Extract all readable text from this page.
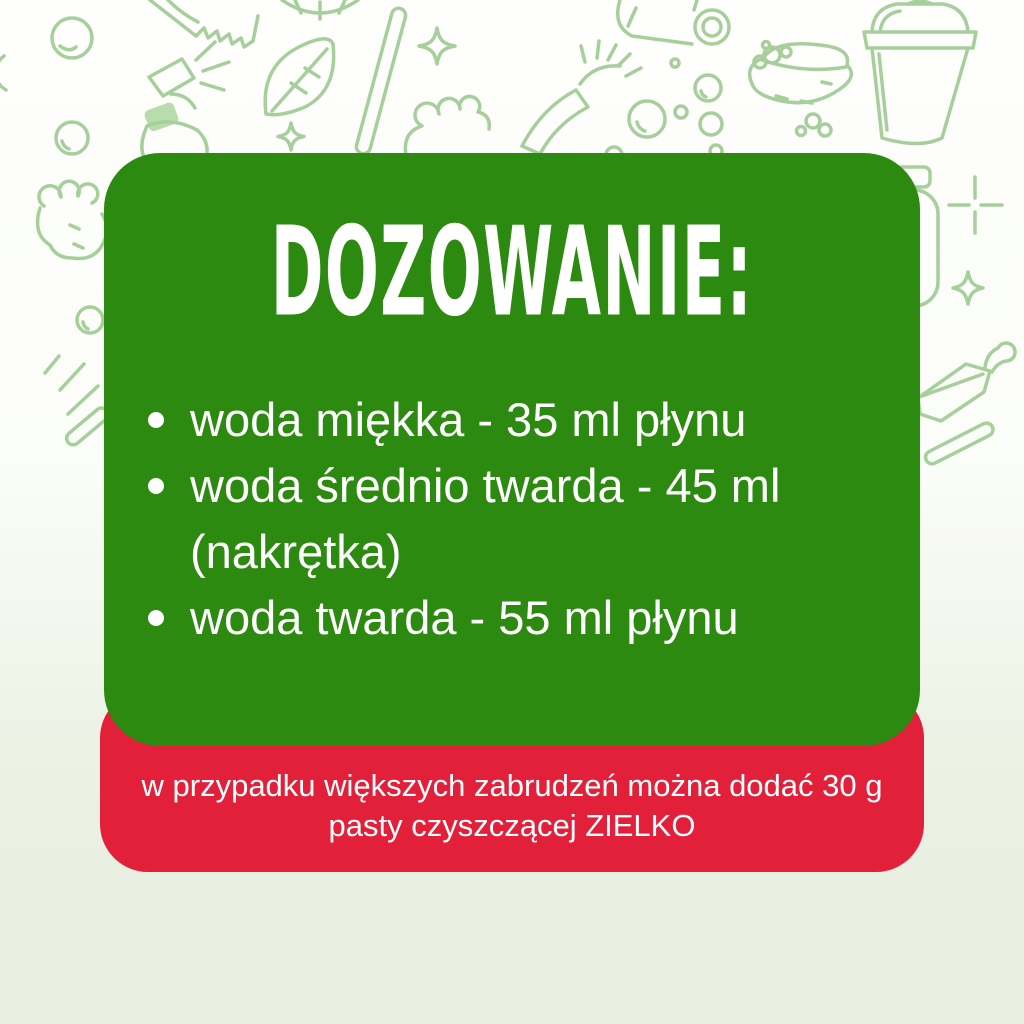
w przypadku większych zabrudzeń można dodać 30 g
pasty czyszczącej ZIELKO
DOZOWANIE:
woda miękka - 35 ml płynu
woda średnio twarda - 45 ml (nakrętka)
woda twarda - 55 ml płynu
